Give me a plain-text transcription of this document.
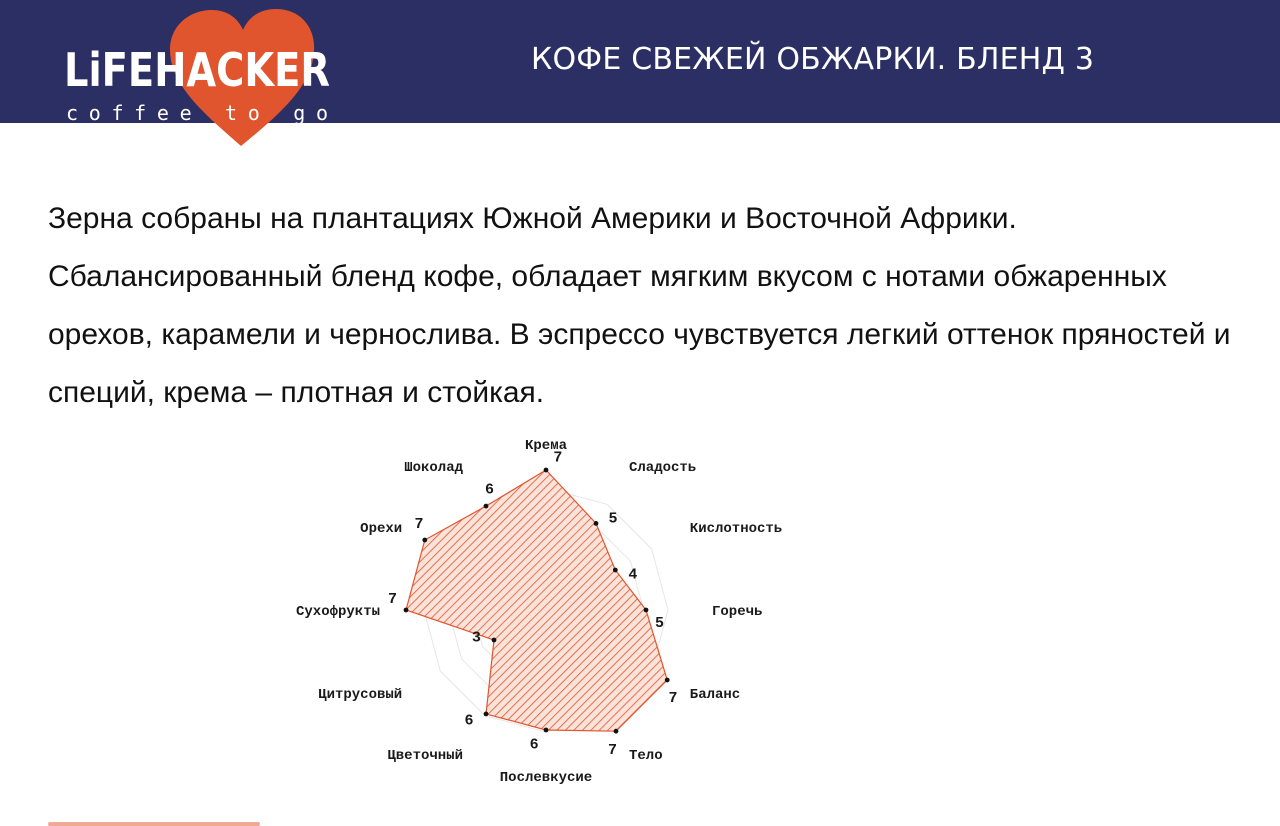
LiFEHACKER
coffee to go
КОФЕ СВЕЖЕЙ ОБЖАРКИ. БЛЕНД 3

Зерна собраны на плантациях Южной Америки и Восточной Африки. Сбалансированный бленд кофе, обладает мягким вкусом с нотами обжаренных орехов, карамели и чернослива. В эспрессо чувствуется легкий оттенок пряностей и специй, крема – плотная и стойкая.

7
5
4
5
7
7
6
6
3
7
7
6
Крема
Сладость
Кислотность
Горечь
Баланс
Тело
Послевкусие
Цветочный
Цитрусовый
Сухофрукты
Орехи
Шоколад
